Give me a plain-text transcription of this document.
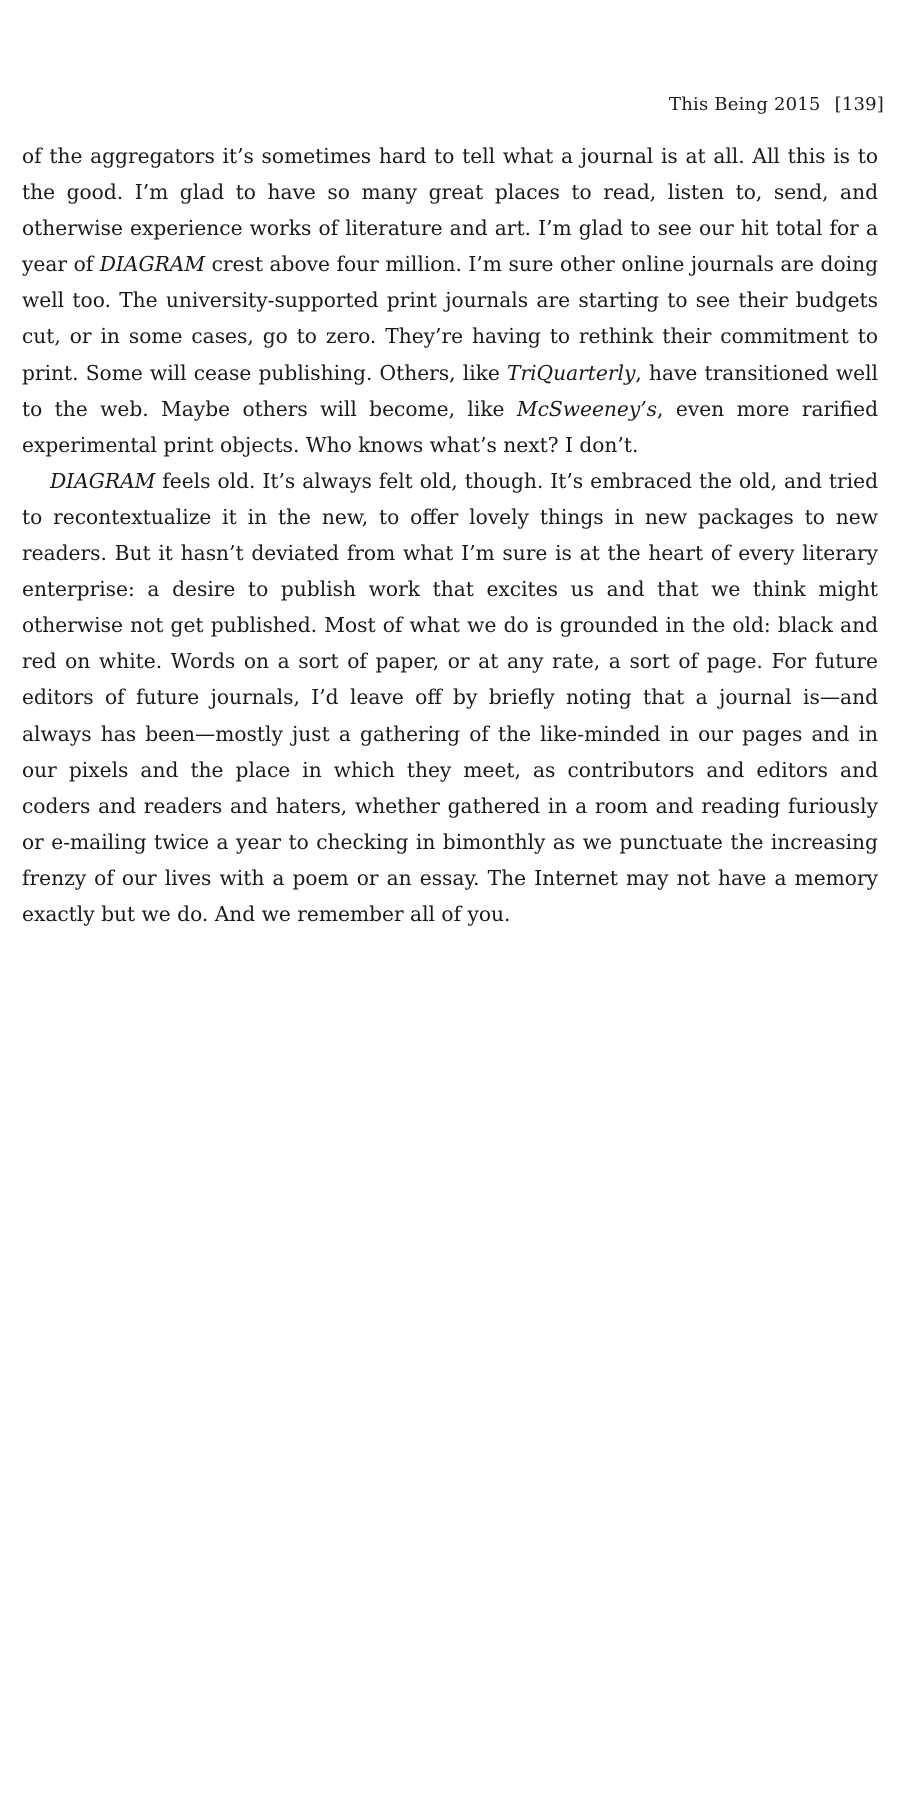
This Being 2015 [139]

of the aggregators it’s sometimes hard to tell what a journal is at all. All this is to the good. I’m glad to have so many great places to read, listen to, send, and otherwise experience works of literature and art. I’m glad to see our hit total for a year of DIAGRAM crest above four million. I’m sure other online journals are doing well too. The university-supported print journals are starting to see their budgets cut, or in some cases, go to zero. They’re having to rethink their commitment to print. Some will cease publishing. Others, like TriQuarterly, have transitioned well to the web. Maybe others will become, like McSweeney’s, even more rarified experimental print objects. Who knows what’s next? I don’t.

DIAGRAM feels old. It’s always felt old, though. It’s embraced the old, and tried to recontextualize it in the new, to offer lovely things in new packages to new readers. But it hasn’t deviated from what I’m sure is at the heart of every literary enterprise: a desire to publish work that excites us and that we think might otherwise not get published. Most of what we do is grounded in the old: black and red on white. Words on a sort of paper, or at any rate, a sort of page. For future editors of future journals, I’d leave off by briefly noting that a journal is—and always has been—mostly just a gathering of the like-minded in our pages and in our pixels and the place in which they meet, as contributors and editors and coders and readers and haters, whether gathered in a room and reading furiously or e-mailing twice a year to checking in bimonthly as we punctuate the increasing frenzy of our lives with a poem or an essay. The Internet may not have a memory exactly but we do. And we remember all of you.
